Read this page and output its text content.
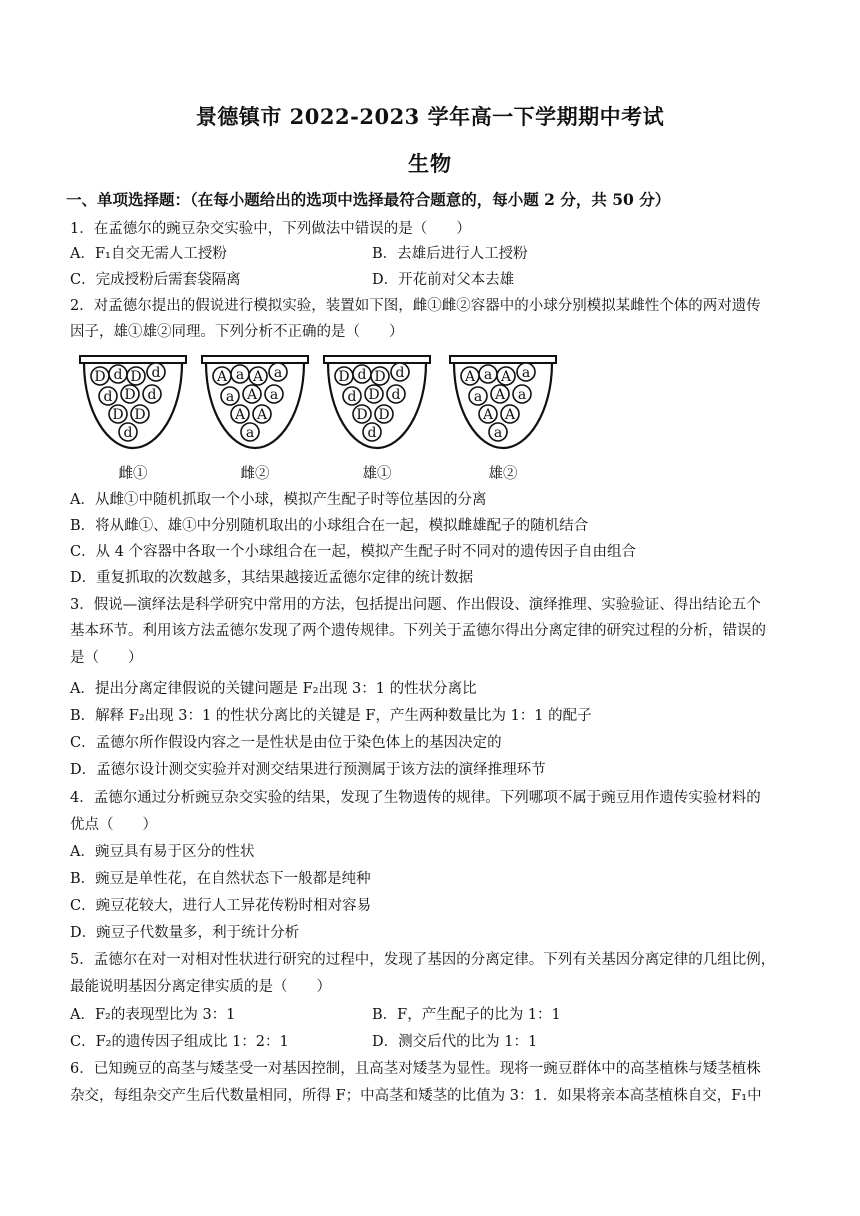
景德镇市 2022-2023 学年高一下学期期中考试
生物
一、单项选择题：（在每小题给出的选项中选择最符合题意的，每小题 2 分，共 50 分）
1．在孟德尔的豌豆杂交实验中，下列做法中错误的是（　　）
A．F₁自交无需人工授粉	B．去雄后进行人工授粉
C．完成授粉后需套袋隔离	D．开花前对父本去雄
2．对孟德尔提出的假说进行模拟实验，装置如下图，雌①雌②容器中的小球分别模拟某雌性个体的两对遗传
因子，雄①雄②同理。下列分析不正确的是（　　）
D d D d
d D d
D D
d
雌①
A a A a
a A a
A A
a
雌②
D d D d
d D d
D D
d
雄①
A a A a
a A a
A A
a
雄②
A．从雌①中随机抓取一个小球，模拟产生配子时等位基因的分离
B．将从雌①、雄①中分别随机取出的小球组合在一起，模拟雌雄配子的随机结合
C．从 4 个容器中各取一个小球组合在一起，模拟产生配子时不同对的遗传因子自由组合
D．重复抓取的次数越多，其结果越接近孟德尔定律的统计数据
3．假说—演绎法是科学研究中常用的方法，包括提出问题、作出假设、演绎推理、实验验证、得出结论五个
基本环节。利用该方法孟德尔发现了两个遗传规律。下列关于孟德尔得出分离定律的研究过程的分析，错误的
是（　　）
A．提出分离定律假说的关键问题是 F₂出现 3：1 的性状分离比
B．解释 F₂出现 3：1 的性状分离比的关键是 F，产生两种数量比为 1：1 的配子
C．孟德尔所作假设内容之一是性状是由位于染色体上的基因决定的
D．孟德尔设计测交实验并对测交结果进行预测属于该方法的演绎推理环节
4．孟德尔通过分析豌豆杂交实验的结果，发现了生物遗传的规律。下列哪项不属于豌豆用作遗传实验材料的
优点（　　）
A．豌豆具有易于区分的性状
B．豌豆是单性花，在自然状态下一般都是纯种
C．豌豆花较大，进行人工异花传粉时相对容易
D．豌豆子代数量多，利于统计分析
5．孟德尔在对一对相对性状进行研究的过程中，发现了基因的分离定律。下列有关基因分离定律的几组比例，
最能说明基因分离定律实质的是（　　）
A．F₂的表现型比为 3：1	B．F，产生配子的比为 1：1
C．F₂的遗传因子组成比 1：2：1	D．测交后代的比为 1：1
6．已知豌豆的高茎与矮茎受一对基因控制，且高茎对矮茎为显性。现将一豌豆群体中的高茎植株与矮茎植株
杂交，每组杂交产生后代数量相同，所得 F；中高茎和矮茎的比值为 3：1．如果将亲本高茎植株自交，F₁中
